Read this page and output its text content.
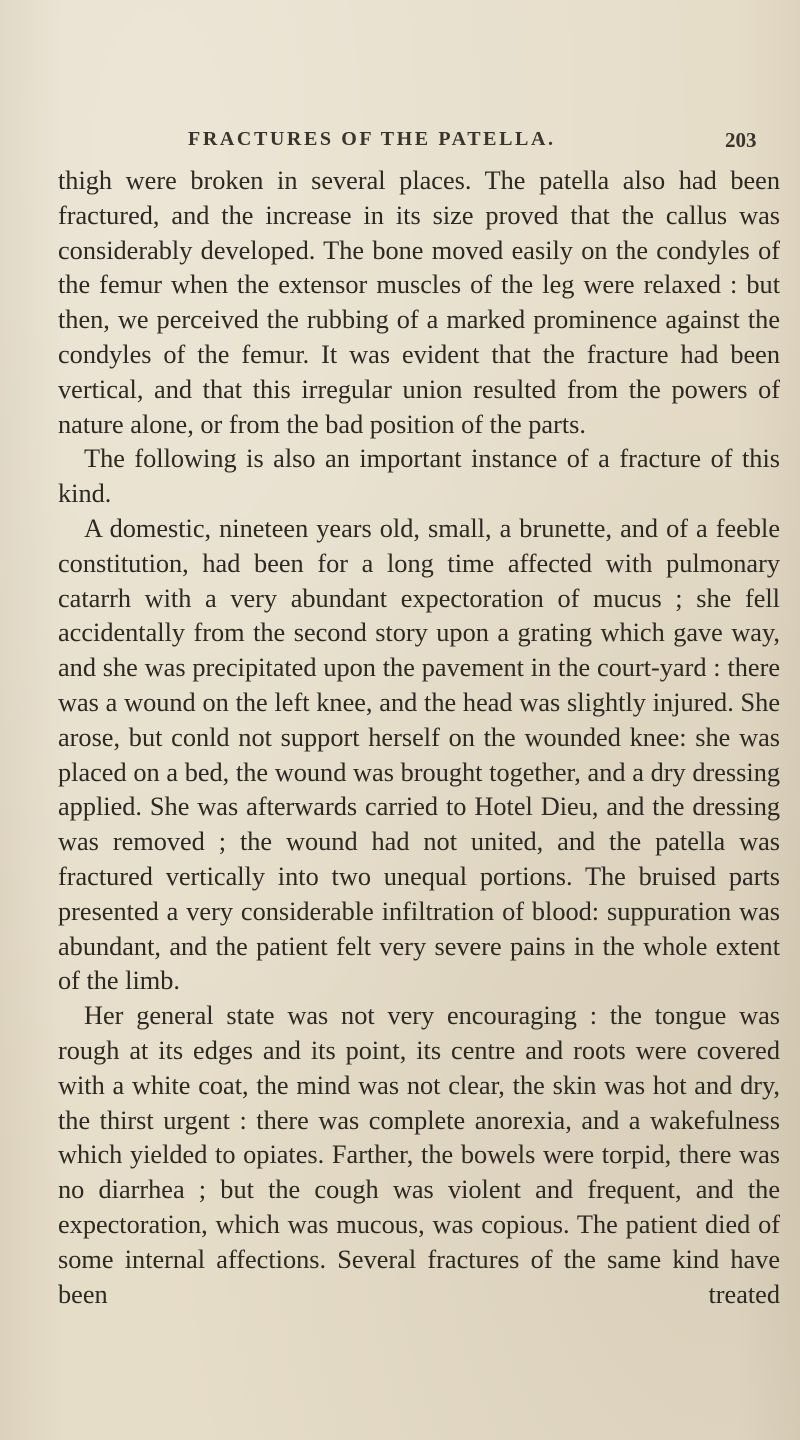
FRACTURES OF THE PATELLA.	203

thigh were broken in several places. The patella also had been fractured, and the increase in its size proved that the callus was considerably developed. The bone moved easily on the condyles of the femur when the extensor muscles of the leg were relaxed : but then, we perceived the rubbing of a marked prominence against the condyles of the femur. It was evident that the fracture had been vertical, and that this irregular union resulted from the powers of nature alone, or from the bad position of the parts.

The following is also an important instance of a fracture of this kind.

A domestic, nineteen years old, small, a brunette, and of a feeble constitution, had been for a long time affected with pulmonary catarrh with a very abundant expectoration of mucus ; she fell accidentally from the second story upon a grating which gave way, and she was precipitated upon the pavement in the court-yard : there was a wound on the left knee, and the head was slightly injured. She arose, but conld not support herself on the wounded knee: she was placed on a bed, the wound was brought together, and a dry dressing applied. She was afterwards carried to Hotel Dieu, and the dressing was removed ; the wound had not united, and the patella was fractured vertically into two unequal portions. The bruised parts presented a very considerable infiltration of blood: suppuration was abundant, and the patient felt very severe pains in the whole extent of the limb.

Her general state was not very encouraging : the tongue was rough at its edges and its point, its centre and roots were covered with a white coat, the mind was not clear, the skin was hot and dry, the thirst urgent : there was complete anorexia, and a wakefulness which yielded to opiates. Farther, the bowels were torpid, there was no diarrhea ; but the cough was violent and frequent, and the expectoration, which was mucous, was copious. The patient died of some internal affections. Several fractures of the same kind have been treated
